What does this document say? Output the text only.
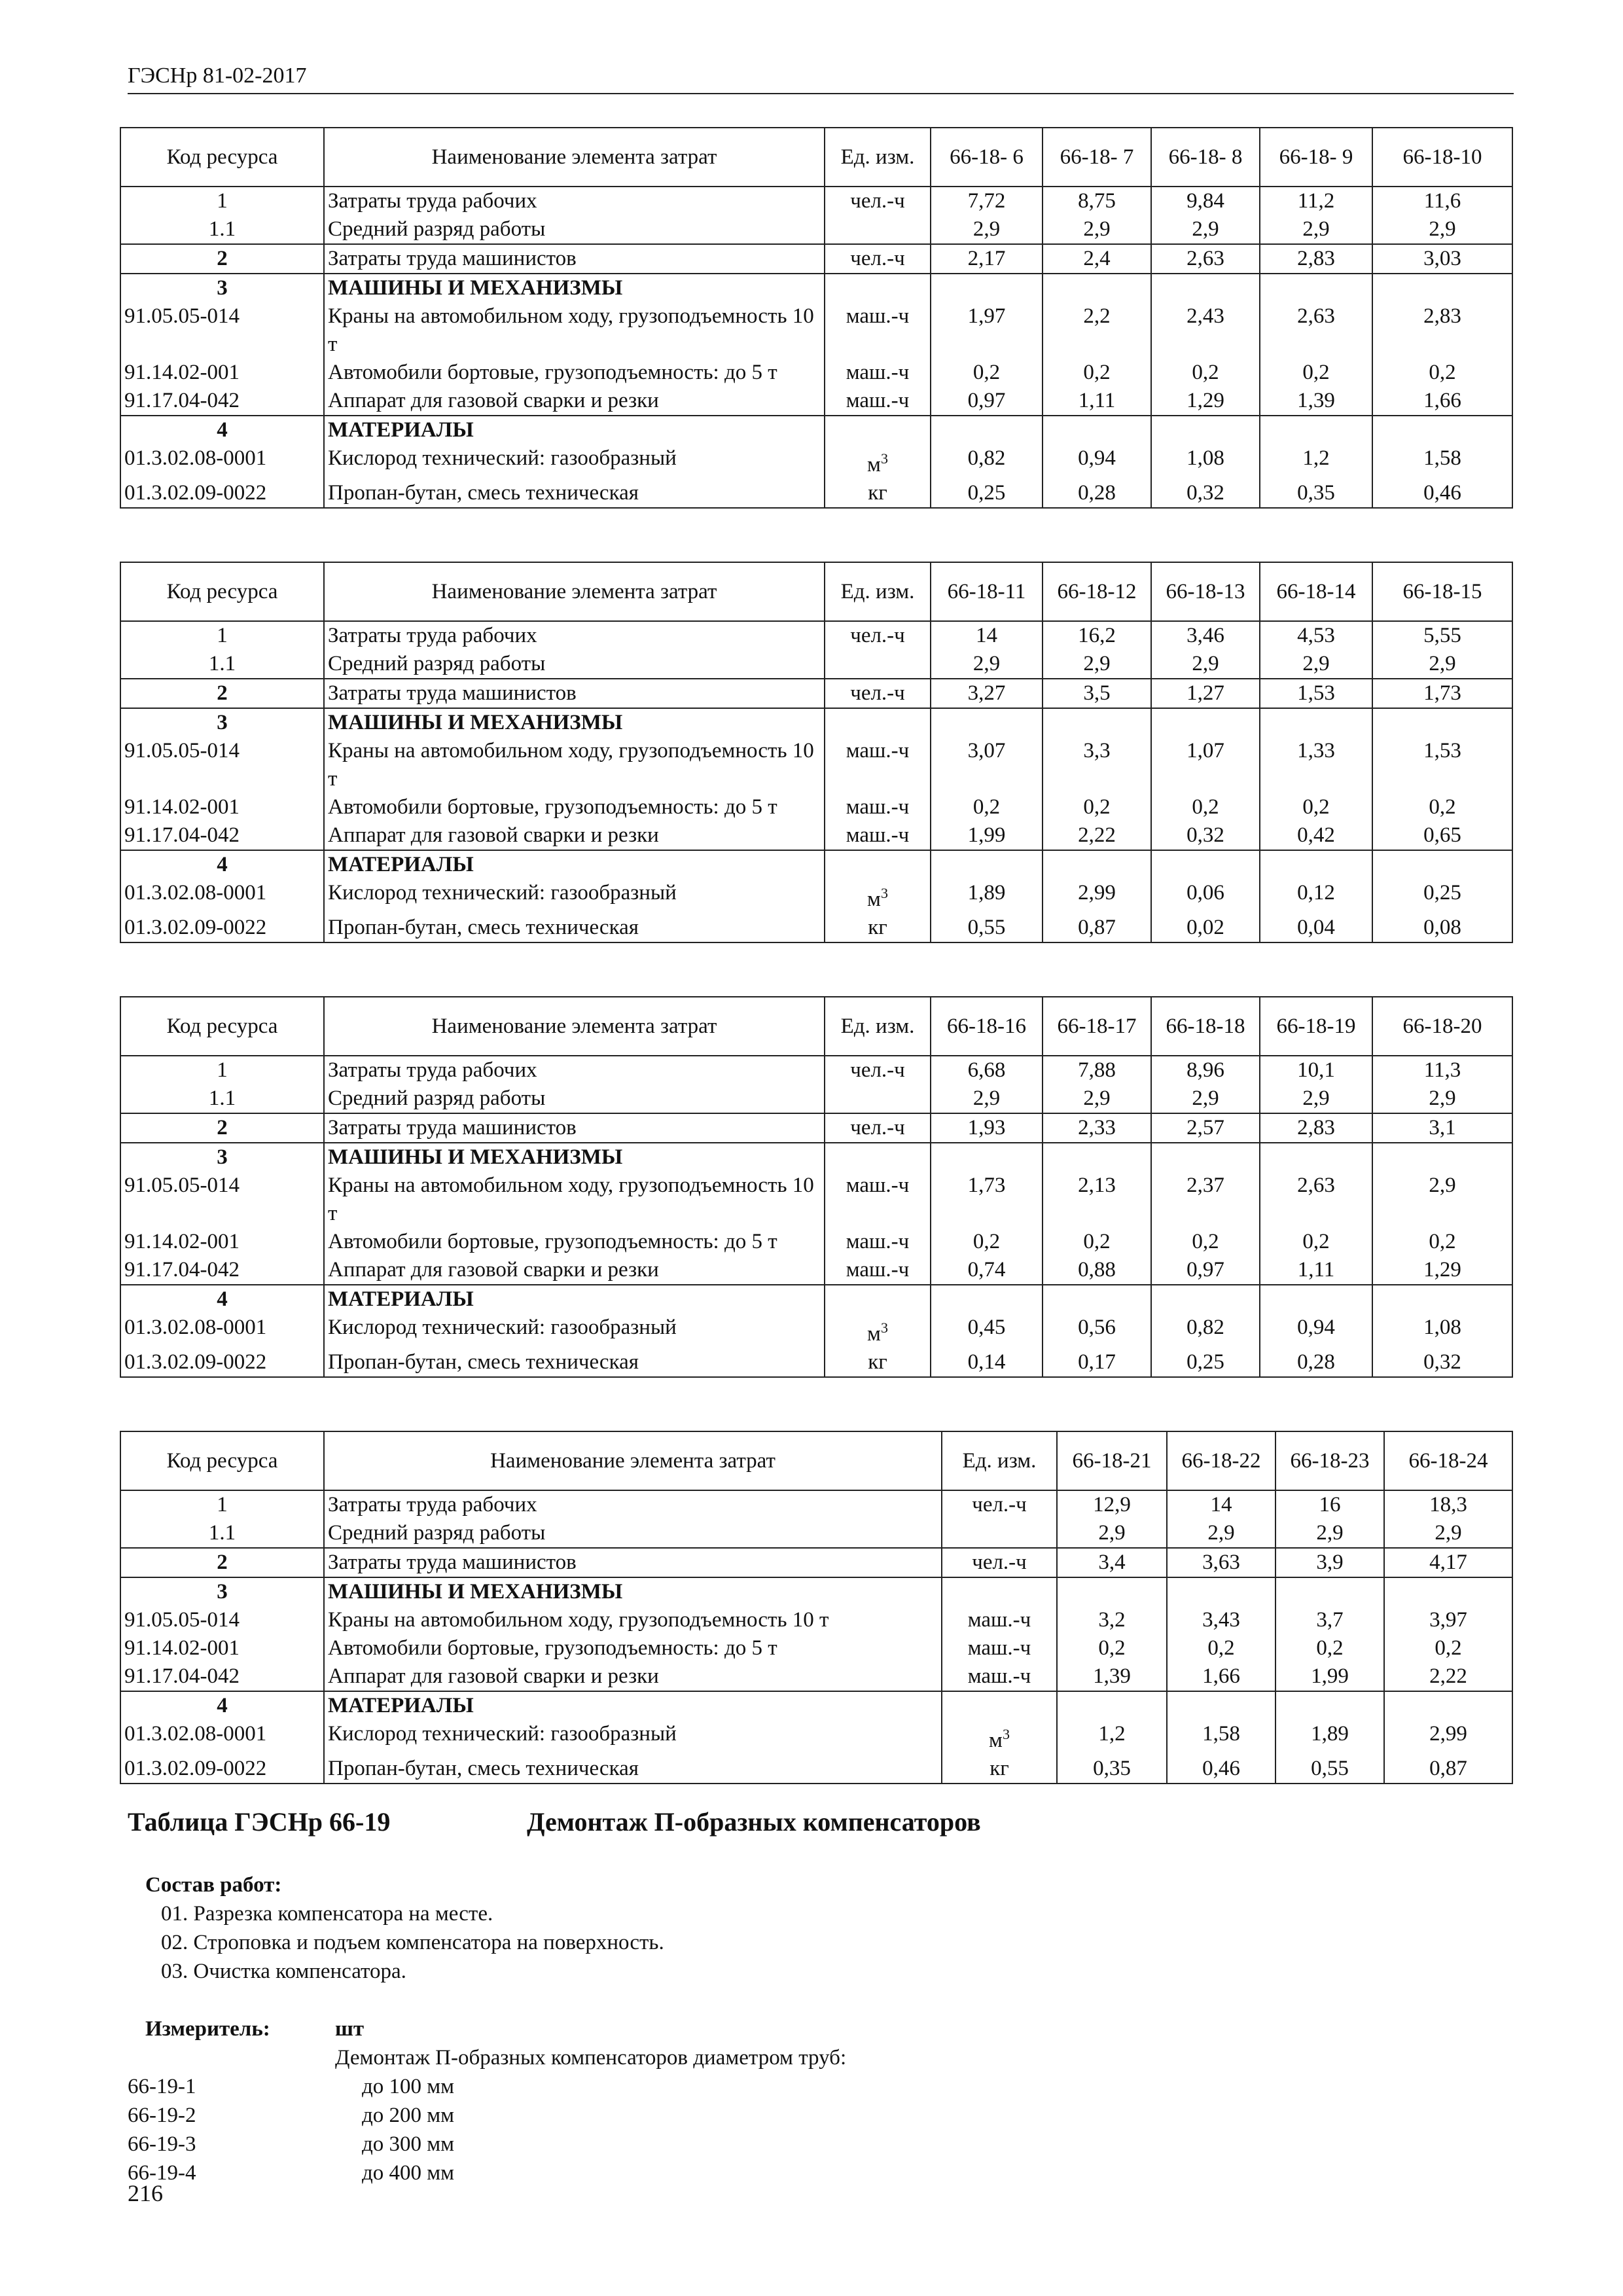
ГЭСНр 81-02-2017
Код ресурса	Наименование элемента затрат	Ед. изм.	66-18- 6	66-18- 7	66-18- 8	66-18- 9	66-18-10
1	Затраты труда рабочих	чел.-ч	7,72	8,75	9,84	11,2	11,6
1.1	Средний разряд работы		2,9	2,9	2,9	2,9	2,9
2	Затраты труда машинистов	чел.-ч	2,17	2,4	2,63	2,83	3,03
3	МАШИНЫ И МЕХАНИЗМЫ						
91.05.05-014	Краны на автомобильном ходу, грузоподъемность 10 т	маш.-ч	1,97	2,2	2,43	2,63	2,83
91.14.02-001	Автомобили бортовые, грузоподъемность: до 5 т	маш.-ч	0,2	0,2	0,2	0,2	0,2
91.17.04-042	Аппарат для газовой сварки и резки	маш.-ч	0,97	1,11	1,29	1,39	1,66
4	МАТЕРИАЛЫ						
01.3.02.08-0001	Кислород технический: газообразный	$м^3$	0,82	0,94	1,08	1,2	1,58
01.3.02.09-0022	Пропан-бутан, смесь техническая	кг	0,25	0,28	0,32	0,35	0,46
Код ресурса	Наименование элемента затрат	Ед. изм.	66-18-11	66-18-12	66-18-13	66-18-14	66-18-15
1	Затраты труда рабочих	чел.-ч	14	16,2	3,46	4,53	5,55
1.1	Средний разряд работы		2,9	2,9	2,9	2,9	2,9
2	Затраты труда машинистов	чел.-ч	3,27	3,5	1,27	1,53	1,73
3	МАШИНЫ И МЕХАНИЗМЫ						
91.05.05-014	Краны на автомобильном ходу, грузоподъемность 10 т	маш.-ч	3,07	3,3	1,07	1,33	1,53
91.14.02-001	Автомобили бортовые, грузоподъемность: до 5 т	маш.-ч	0,2	0,2	0,2	0,2	0,2
91.17.04-042	Аппарат для газовой сварки и резки	маш.-ч	1,99	2,22	0,32	0,42	0,65
4	МАТЕРИАЛЫ						
01.3.02.08-0001	Кислород технический: газообразный	$м^3$	1,89	2,99	0,06	0,12	0,25
01.3.02.09-0022	Пропан-бутан, смесь техническая	кг	0,55	0,87	0,02	0,04	0,08
Код ресурса	Наименование элемента затрат	Ед. изм.	66-18-16	66-18-17	66-18-18	66-18-19	66-18-20
1	Затраты труда рабочих	чел.-ч	6,68	7,88	8,96	10,1	11,3
1.1	Средний разряд работы		2,9	2,9	2,9	2,9	2,9
2	Затраты труда машинистов	чел.-ч	1,93	2,33	2,57	2,83	3,1
3	МАШИНЫ И МЕХАНИЗМЫ						
91.05.05-014	Краны на автомобильном ходу, грузоподъемность 10 т	маш.-ч	1,73	2,13	2,37	2,63	2,9
91.14.02-001	Автомобили бортовые, грузоподъемность: до 5 т	маш.-ч	0,2	0,2	0,2	0,2	0,2
91.17.04-042	Аппарат для газовой сварки и резки	маш.-ч	0,74	0,88	0,97	1,11	1,29
4	МАТЕРИАЛЫ						
01.3.02.08-0001	Кислород технический: газообразный	$м^3$	0,45	0,56	0,82	0,94	1,08
01.3.02.09-0022	Пропан-бутан, смесь техническая	кг	0,14	0,17	0,25	0,28	0,32
Код ресурса	Наименование элемента затрат	Ед. изм.	66-18-21	66-18-22	66-18-23	66-18-24
1	Затраты труда рабочих	чел.-ч	12,9	14	16	18,3
1.1	Средний разряд работы		2,9	2,9	2,9	2,9
2	Затраты труда машинистов	чел.-ч	3,4	3,63	3,9	4,17
3	МАШИНЫ И МЕХАНИЗМЫ					
91.05.05-014	Краны на автомобильном ходу, грузоподъемность 10 т	маш.-ч	3,2	3,43	3,7	3,97
91.14.02-001	Автомобили бортовые, грузоподъемность: до 5 т	маш.-ч	0,2	0,2	0,2	0,2
91.17.04-042	Аппарат для газовой сварки и резки	маш.-ч	1,39	1,66	1,99	2,22
4	МАТЕРИАЛЫ					
01.3.02.08-0001	Кислород технический: газообразный	$м^3$	1,2	1,58	1,89	2,99
01.3.02.09-0022	Пропан-бутан, смесь техническая	кг	0,35	0,46	0,55	0,87
Таблица ГЭСНр 66-19	Демонтаж П-образных компенсаторов
Состав работ:
01. Разрезка компенсатора на месте.
02. Строповка и подъем компенсатора на поверхность.
03. Очистка компенсатора.
Измеритель:	шт
Демонтаж П-образных компенсаторов диаметром труб:
66-19-1	до 100 мм
66-19-2	до 200 мм
66-19-3	до 300 мм
66-19-4	до 400 мм
216
